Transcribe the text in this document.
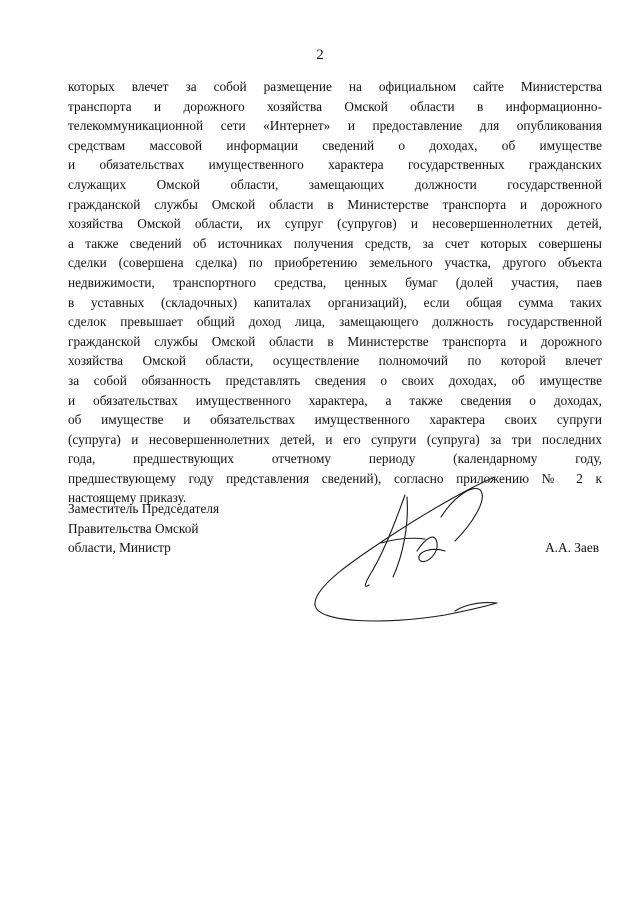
2
которых влечет за собой размещение на официальном сайте Министерства
транспорта и дорожного хозяйства Омской области в информационно-
телекоммуникационной сети «Интернет» и предоставление для опубликования
средствам массовой информации сведений о доходах, об имуществе
и обязательствах имущественного характера государственных гражданских
служащих Омской области, замещающих должности государственной
гражданской службы Омской области в Министерстве транспорта и дорожного
хозяйства Омской области, их супруг (супругов) и несовершеннолетних детей,
а также сведений об источниках получения средств, за счет которых совершены
сделки (совершена сделка) по приобретению земельного участка, другого объекта
недвижимости, транспортного средства, ценных бумаг (долей участия, паев
в уставных (складочных) капиталах организаций), если общая сумма таких
сделок превышает общий доход лица, замещающего должность государственной
гражданской службы Омской области в Министерстве транспорта и дорожного
хозяйства Омской области, осуществление полномочий по которой влечет
за собой обязанность представлять сведения о своих доходах, об имуществе
и обязательствах имущественного характера, а также сведения о доходах,
об имуществе и обязательствах имущественного характера своих супруги
(супруга) и несовершеннолетних детей, и его супруги (супруга) за три последних
года, предшествующих отчетному периоду (календарному году,
предшествующему году представления сведений), согласно приложению № 2 к
настоящему приказу.
Заместитель Председателя
Правительства Омской
области, Министр	А.А. Заев
